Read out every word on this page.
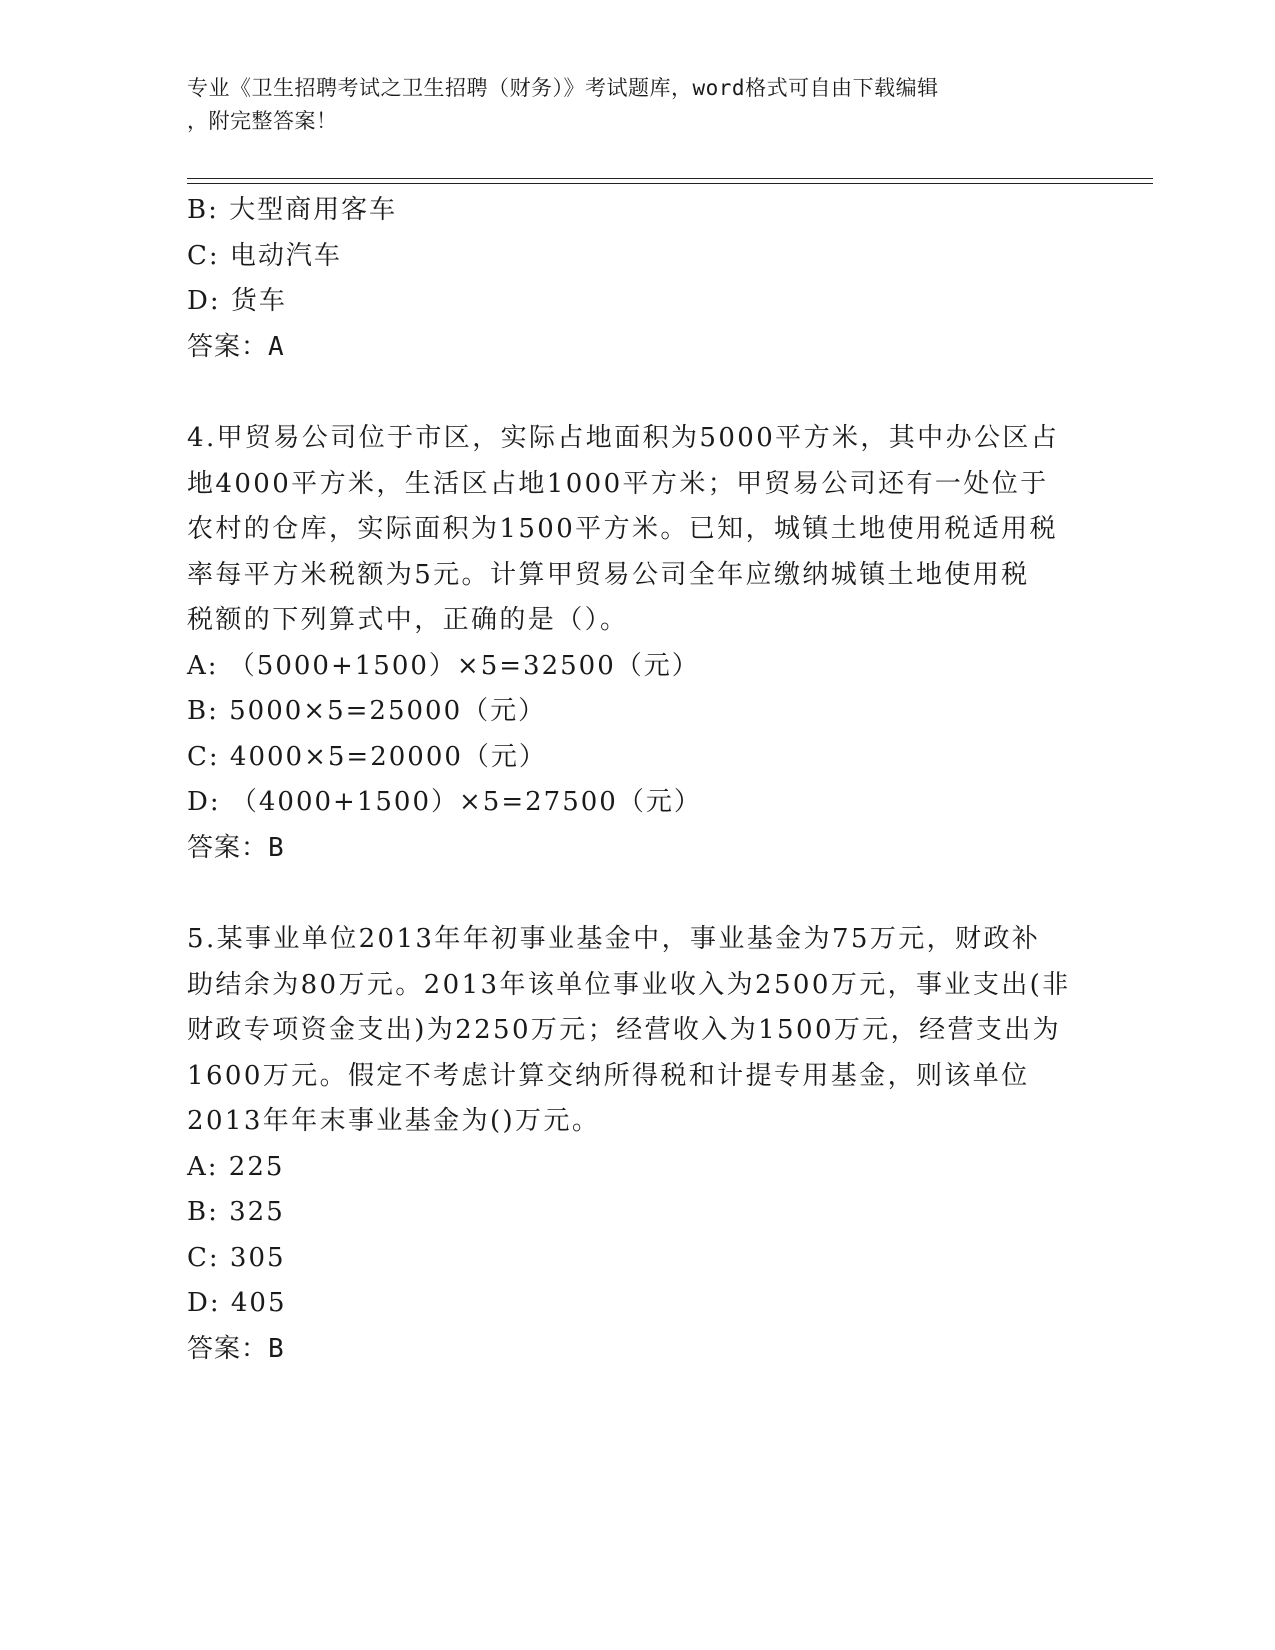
专业《卫生招聘考试之卫生招聘（财务）》考试题库，word格式可自由下载编辑
，附完整答案！
B: 大型商用客车
C: 电动汽车
D: 货车
答案：A
4.甲贸易公司位于市区，实际占地面积为5000平方米，其中办公区占
地4000平方米，生活区占地1000平方米；甲贸易公司还有一处位于
农村的仓库，实际面积为1500平方米。已知，城镇土地使用税适用税
率每平方米税额为5元。计算甲贸易公司全年应缴纳城镇土地使用税
税额的下列算式中，正确的是（）。
A: （5000+1500）×5=32500（元）
B: 5000×5=25000（元）
C: 4000×5=20000（元）
D: （4000+1500）×5=27500（元）
答案：B
5.某事业单位2013年年初事业基金中，事业基金为75万元，财政补
助结余为80万元。2013年该单位事业收入为2500万元，事业支出(非
财政专项资金支出)为2250万元；经营收入为1500万元，经营支出为
1600万元。假定不考虑计算交纳所得税和计提专用基金，则该单位
2013年年末事业基金为()万元。
A: 225
B: 325
C: 305
D: 405
答案：B
